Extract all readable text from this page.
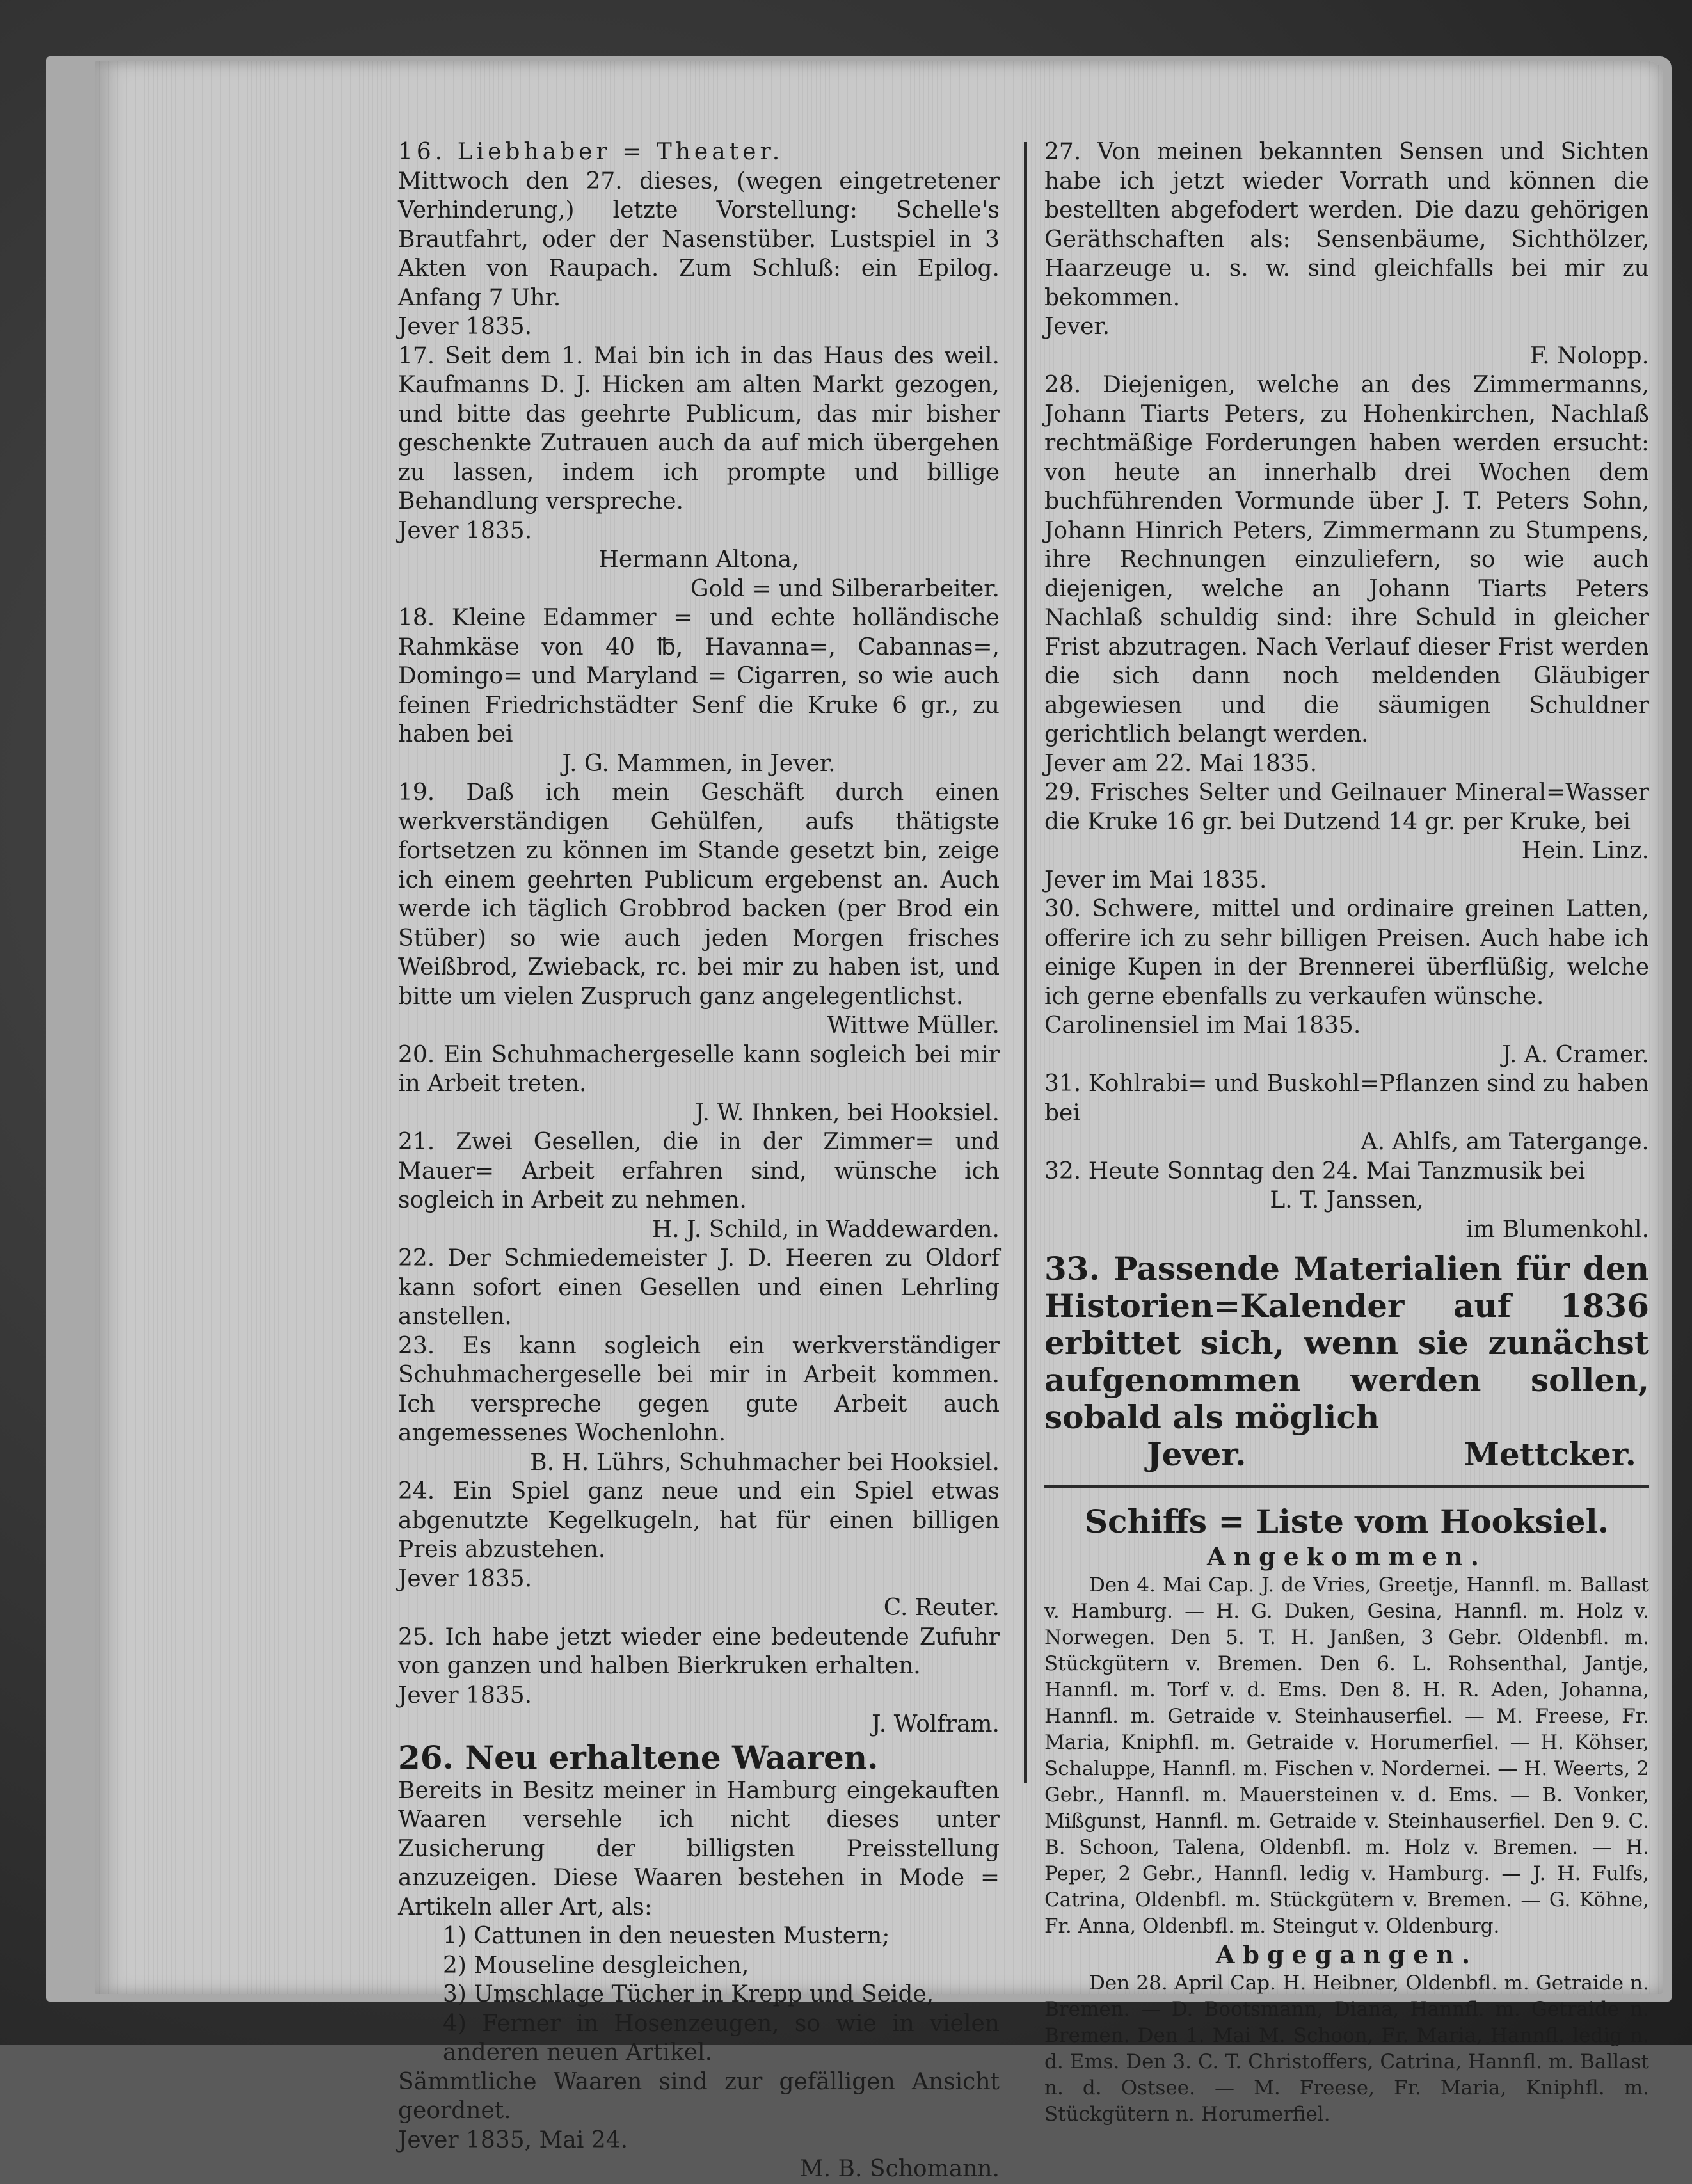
16. Liebhaber = Theater.

Mittwoch den 27. dieses, (wegen eingetretener Verhinderung,) letzte Vorstellung: Schelle's Brautfahrt, oder der Nasenstüber. Lustspiel in 3 Akten von Raupach. Zum Schluß: ein Epilog. Anfang 7 Uhr.

Jever 1835.

17. Seit dem 1. Mai bin ich in das Haus des weil. Kaufmanns D. J. Hicken am alten Markt gezogen, und bitte das geehrte Publicum, das mir bisher geschenkte Zutrauen auch da auf mich übergehen zu lassen, indem ich prompte und billige Behandlung verspreche.

Jever 1835.

Hermann Altona,

Gold = und Silberarbeiter.

18. Kleine Edammer = und echte holländische Rahmkäse von 40 ℔, Havanna=, Cabannas=, Domingo= und Maryland = Cigarren, so wie auch feinen Friedrichstädter Senf die Kruke 6 gr., zu haben bei

J. G. Mammen, in Jever.

19. Daß ich mein Geschäft durch einen werkverständigen Gehülfen, aufs thätigste fortsetzen zu können im Stande gesetzt bin, zeige ich einem geehrten Publicum ergebenst an. Auch werde ich täglich Grobbrod backen (per Brod ein Stüber) so wie auch jeden Morgen frisches Weißbrod, Zwieback, rc. bei mir zu haben ist, und bitte um vielen Zuspruch ganz angelegentlichst.

Wittwe Müller.

20. Ein Schuhmachergeselle kann sogleich bei mir in Arbeit treten.

J. W. Ihnken, bei Hooksiel.

21. Zwei Gesellen, die in der Zimmer= und Mauer= Arbeit erfahren sind, wünsche ich sogleich in Arbeit zu nehmen.

H. J. Schild, in Waddewarden.

22. Der Schmiedemeister J. D. Heeren zu Oldorf kann sofort einen Gesellen und einen Lehrling anstellen.

23. Es kann sogleich ein werkverständiger Schuhmachergeselle bei mir in Arbeit kommen. Ich verspreche gegen gute Arbeit auch angemessenes Wochenlohn.

B. H. Lührs, Schuhmacher bei Hooksiel.

24. Ein Spiel ganz neue und ein Spiel etwas abgenutzte Kegelkugeln, hat für einen billigen Preis abzustehen.

Jever 1835.

C. Reuter.

25. Ich habe jetzt wieder eine bedeutende Zufuhr von ganzen und halben Bierkruken erhalten.

Jever 1835.

J. Wolfram.

26. Neu erhaltene Waaren.

Bereits in Besitz meiner in Hamburg eingekauften Waaren versehle ich nicht dieses unter Zusicherung der billigsten Preisstellung anzuzeigen. Diese Waaren bestehen in Mode = Artikeln aller Art, als:

1) Cattunen in den neuesten Mustern;

2) Mouseline desgleichen,

3) Umschlage Tücher in Krepp und Seide,

4) Ferner in Hosenzeugen, so wie in vielen anderen neuen Artikel.

Sämmtliche Waaren sind zur gefälligen Ansicht geordnet.

Jever 1835, Mai 24.

M. B. Schomann.

27. Von meinen bekannten Sensen und Sichten habe ich jetzt wieder Vorrath und können die bestellten abgefodert werden. Die dazu gehörigen Geräthschaften als: Sensenbäume, Sichthölzer, Haarzeuge u. s. w. sind gleichfalls bei mir zu bekommen.

Jever.

F. Nolopp.

28. Diejenigen, welche an des Zimmermanns, Johann Tiarts Peters, zu Hohenkirchen, Nachlaß rechtmäßige Forderungen haben werden ersucht: von heute an innerhalb drei Wochen dem buchführenden Vormunde über J. T. Peters Sohn, Johann Hinrich Peters, Zimmermann zu Stumpens, ihre Rechnungen einzuliefern, so wie auch diejenigen, welche an Johann Tiarts Peters Nachlaß schuldig sind: ihre Schuld in gleicher Frist abzutragen. Nach Verlauf dieser Frist werden die sich dann noch meldenden Gläubiger abgewiesen und die säumigen Schuldner gerichtlich belangt werden.

Jever am 22. Mai 1835.

29. Frisches Selter und Geilnauer Mineral=Wasser die Kruke 16 gr. bei Dutzend 14 gr. per Kruke, bei

Hein. Linz.

Jever im Mai 1835.

30. Schwere, mittel und ordinaire greinen Latten, offerire ich zu sehr billigen Preisen. Auch habe ich einige Kupen in der Brennerei überflüßig, welche ich gerne ebenfalls zu verkaufen wünsche.

Carolinensiel im Mai 1835.

J. A. Cramer.

31. Kohlrabi= und Buskohl=Pflanzen sind zu haben bei

A. Ahlfs, am Tatergange.

32. Heute Sonntag den 24. Mai Tanzmusik bei

L. T. Janssen,

im Blumenkohl.

33. Passende Materialien für den Historien=Kalender auf 1836 erbittet sich, wenn sie zunächst aufgenommen werden sollen, sobald als möglich

Jever.	Mettcker.

Schiffs = Liste vom Hooksiel.

Angekommen.

Den 4. Mai Cap. J. de Vries, Greetje, Hannfl. m. Ballast v. Hamburg. — H. G. Duken, Gesina, Hannfl. m. Holz v. Norwegen. Den 5. T. H. Janßen, 3 Gebr. Oldenbfl. m. Stückgütern v. Bremen. Den 6. L. Rohsenthal, Jantje, Hannfl. m. Torf v. d. Ems. Den 8. H. R. Aden, Johanna, Hannfl. m. Getraide v. Steinhauserfiel. — M. Freese, Fr. Maria, Kniphfl. m. Getraide v. Horumerfiel. — H. Köhser, Schaluppe, Hannfl. m. Fischen v. Nordernei. — H. Weerts, 2 Gebr., Hannfl. m. Mauersteinen v. d. Ems. — B. Vonker, Mißgunst, Hannfl. m. Getraide v. Steinhauserfiel. Den 9. C. B. Schoon, Talena, Oldenbfl. m. Holz v. Bremen. — H. Peper, 2 Gebr., Hannfl. ledig v. Hamburg. — J. H. Fulfs, Catrina, Oldenbfl. m. Stückgütern v. Bremen. — G. Köhne, Fr. Anna, Oldenbfl. m. Steingut v. Oldenburg.

Abgegangen.

Den 28. April Cap. H. Heibner, Oldenbfl. m. Getraide n. Bremen. — D. Bootsmann, Diana, Hannfl. m. Getraide n. Bremen. Den 1. Mai M. Schoon, Fr. Maria, Hannfl. ledig n. d. Ems. Den 3. C. T. Christoffers, Catrina, Hannfl. m. Ballast n. d. Ostsee. — M. Freese, Fr. Maria, Kniphfl. m. Stückgütern n. Horumerfiel.
